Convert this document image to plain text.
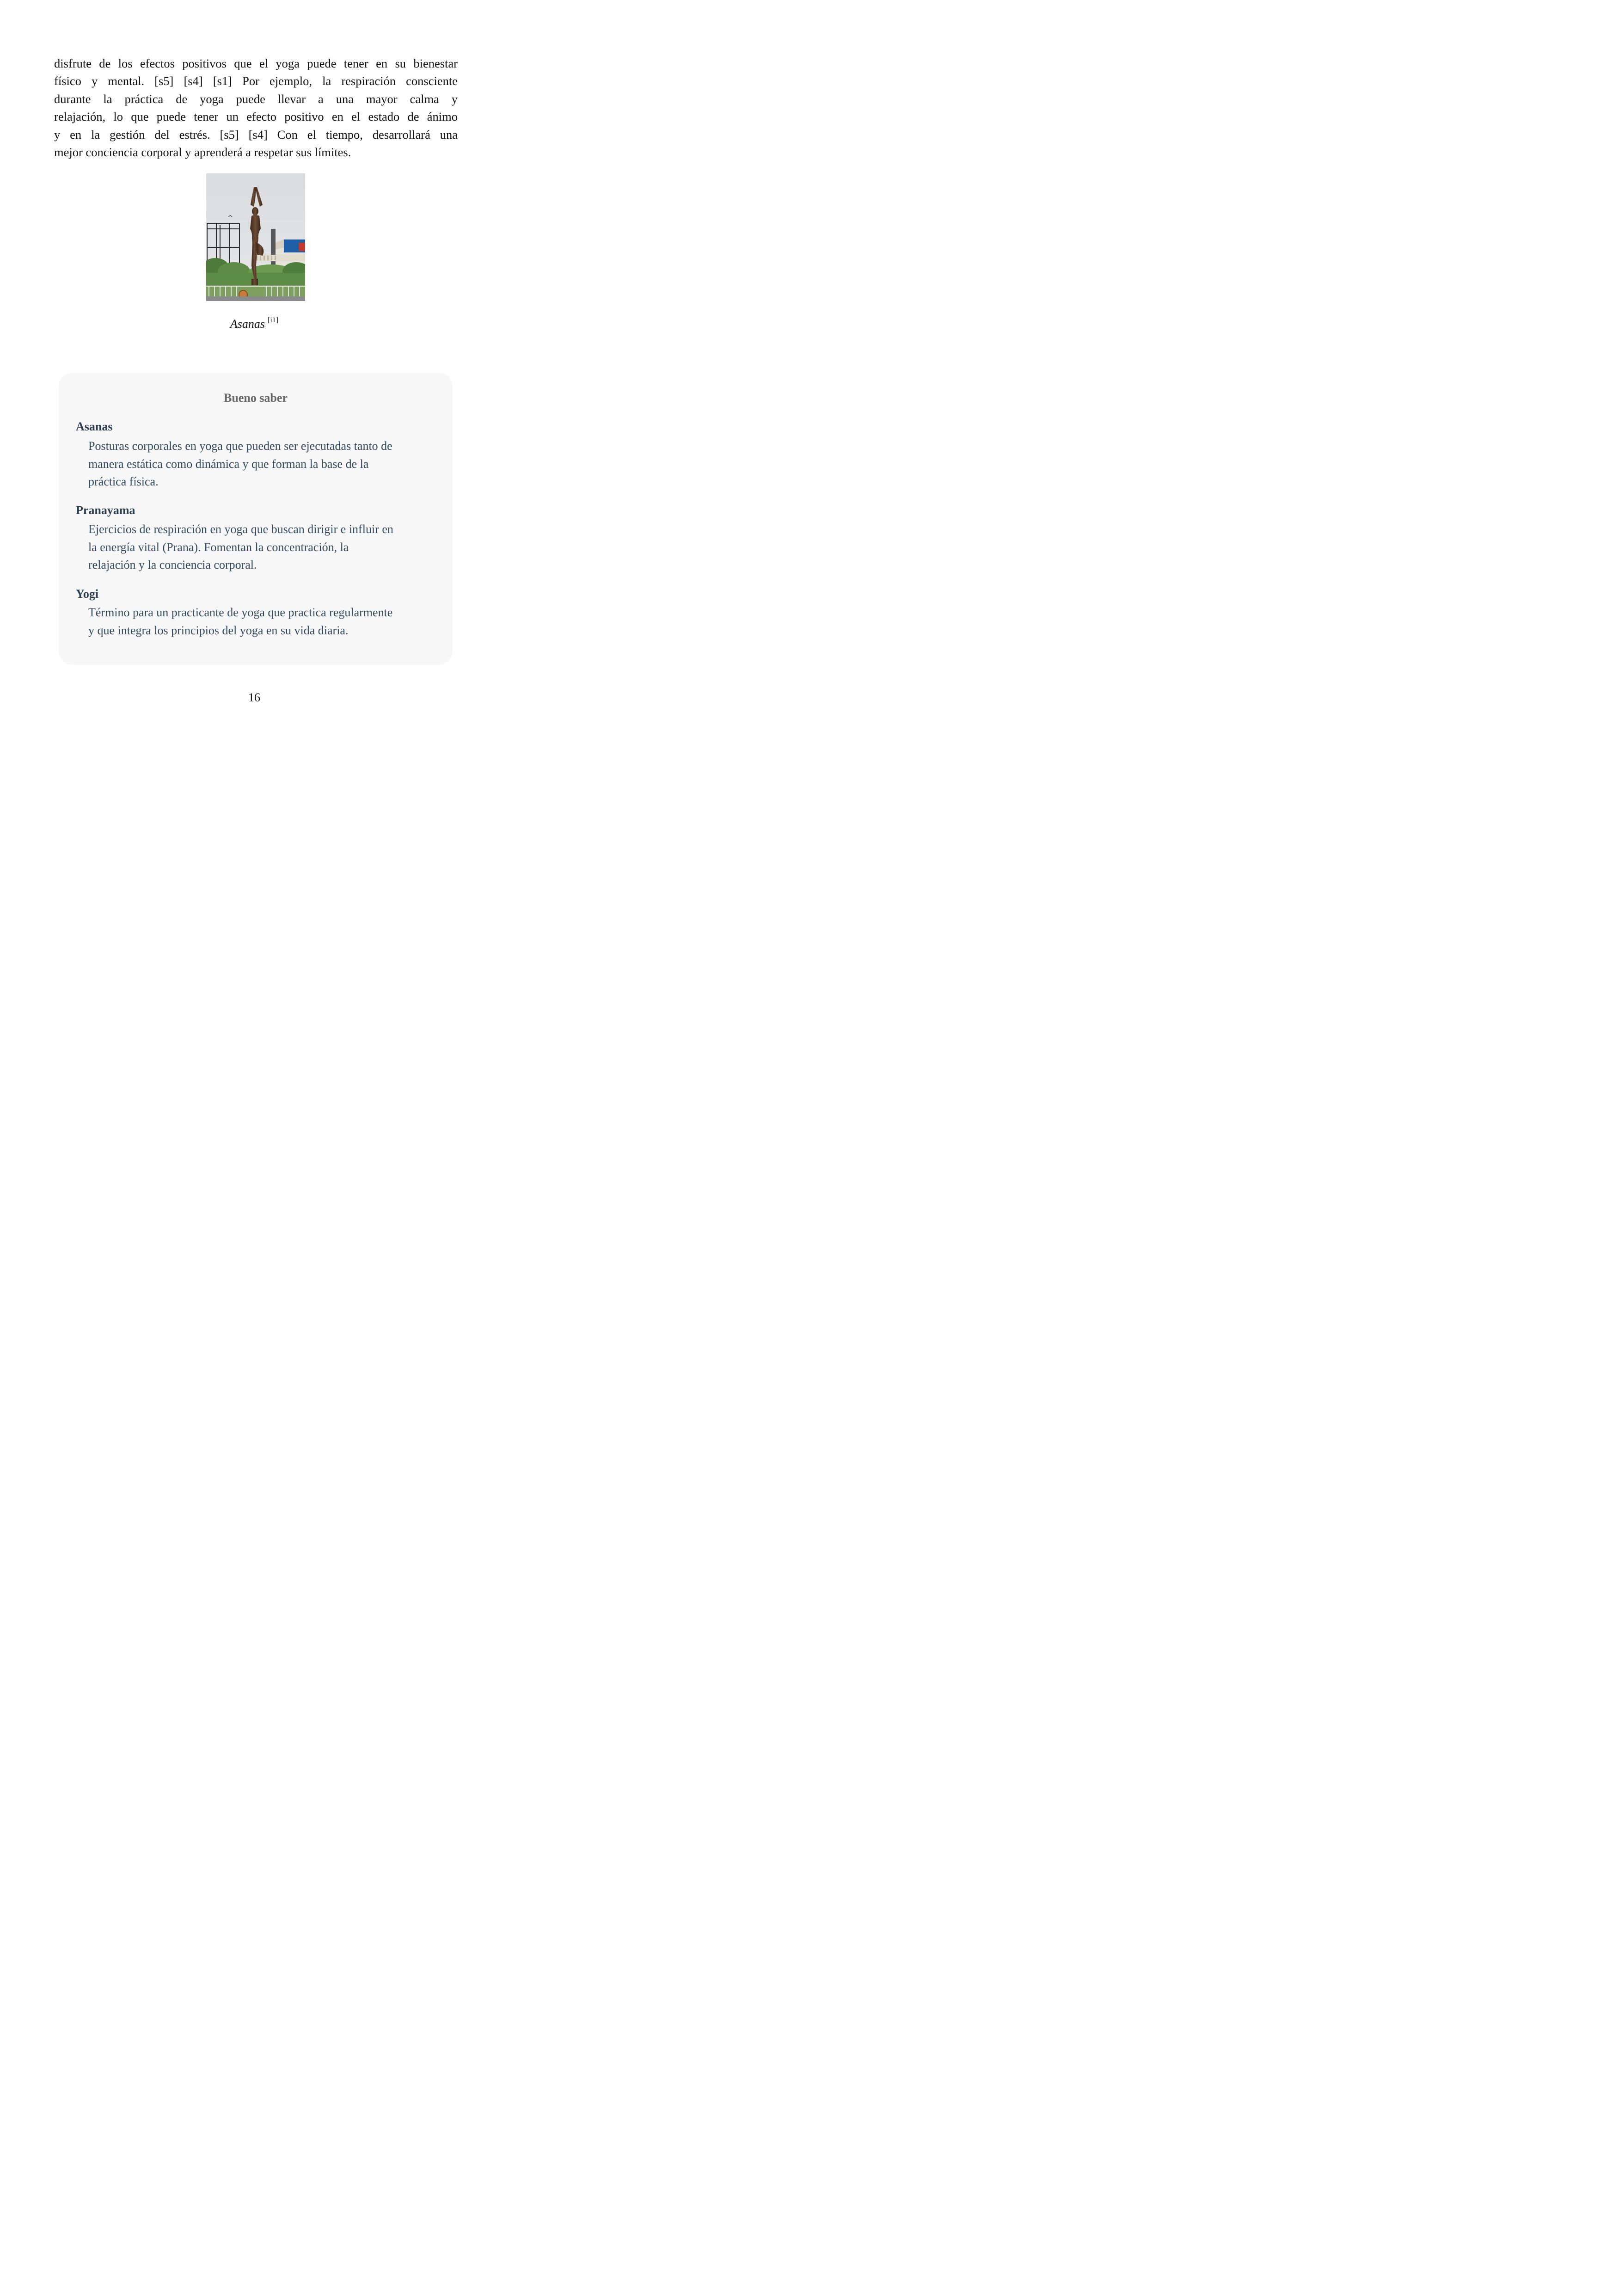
disfrute de los efectos positivos que el yoga puede tener en su bienestar
físico y mental. [s5] [s4] [s1] Por ejemplo, la respiración consciente
durante la práctica de yoga puede llevar a una mayor calma y
relajación, lo que puede tener un efecto positivo en el estado de ánimo
y en la gestión del estrés. [s5] [s4] Con el tiempo, desarrollará una
mejor conciencia corporal y aprenderá a respetar sus límites.
Asanas [i1]
Bueno saber
Asanas
Posturas corporales en yoga que pueden ser ejecutadas tanto de
manera estática como dinámica y que forman la base de la
práctica física.
Pranayama
Ejercicios de respiración en yoga que buscan dirigir e influir en
la energía vital (Prana). Fomentan la concentración, la
relajación y la conciencia corporal.
Yogi
Término para un practicante de yoga que practica regularmente
y que integra los principios del yoga en su vida diaria.
16
